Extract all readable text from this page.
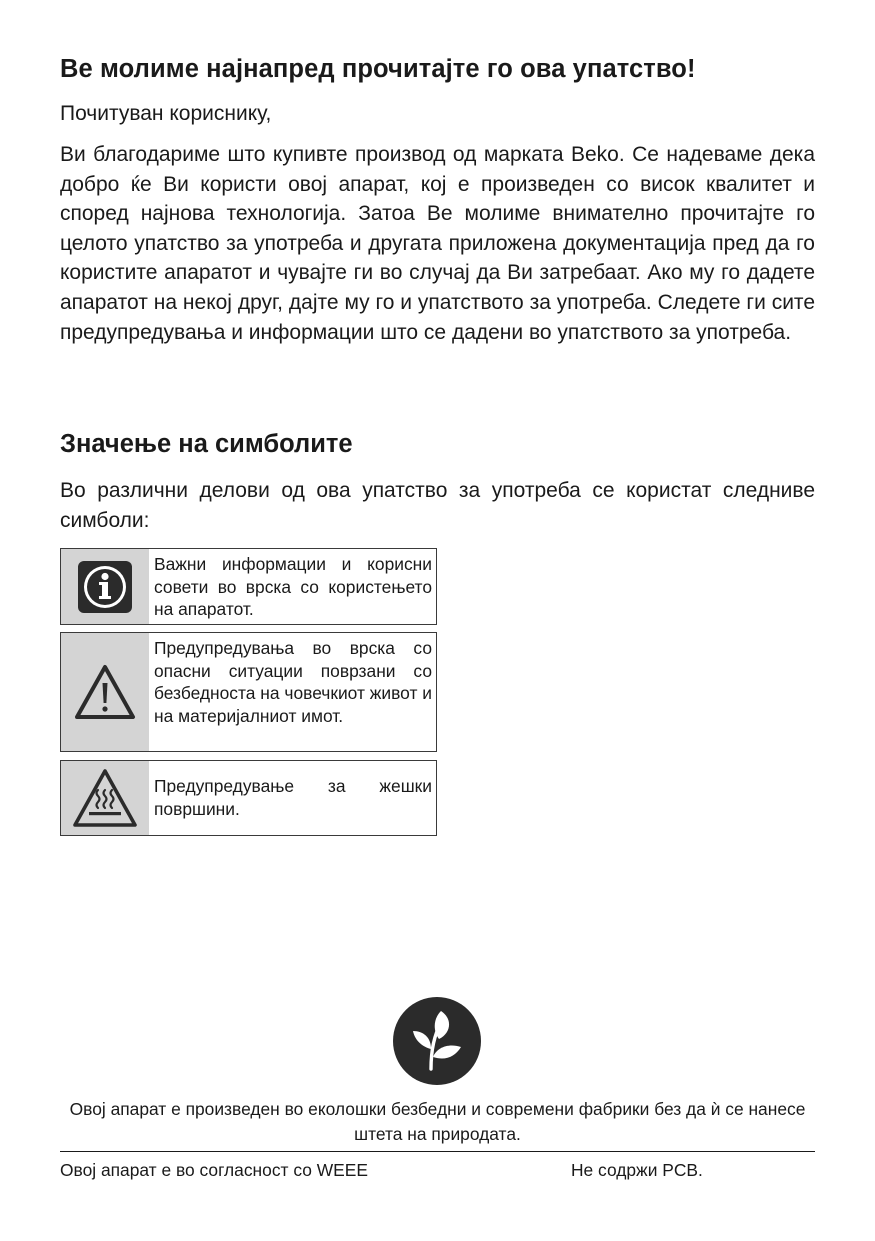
Ве молиме најнапред прочитајте го ова упатство!

Почитуван кориснику,

Ви благодариме што купивте производ од марката Beko. Се надеваме дека добро ќе Ви користи овој апарат, кој е произведен со висок квалитет и според најнова технологија. Затоа Ве молиме внимателно прочитајте го целото упатство за употреба и другата приложена документација пред да го користите апаратот и чувајте ги во случај да Ви затребаат. Ако му го дадете апаратот на некој друг, дајте му го и упатството за употреба. Следете ги сите предупредувања и информации што се дадени во упатството за употреба.

Значење на симболите

Во различни делови од ова упатство за употреба се користат следниве симболи:

Важни информации и корисни совети во врска со користењето на апаратот.
Предупредувања во врска со опасни ситуации поврзани со безбедноста на човечкиот живот и на материјалниот имот.
Предупредување за жешки површини.
Овој апарат е произведен во еколошки безбедни и современи фабрики без да ѝ се нанесе штета на природата.
Овој апарат е во согласност со WEEE	Не содржи PCB.
